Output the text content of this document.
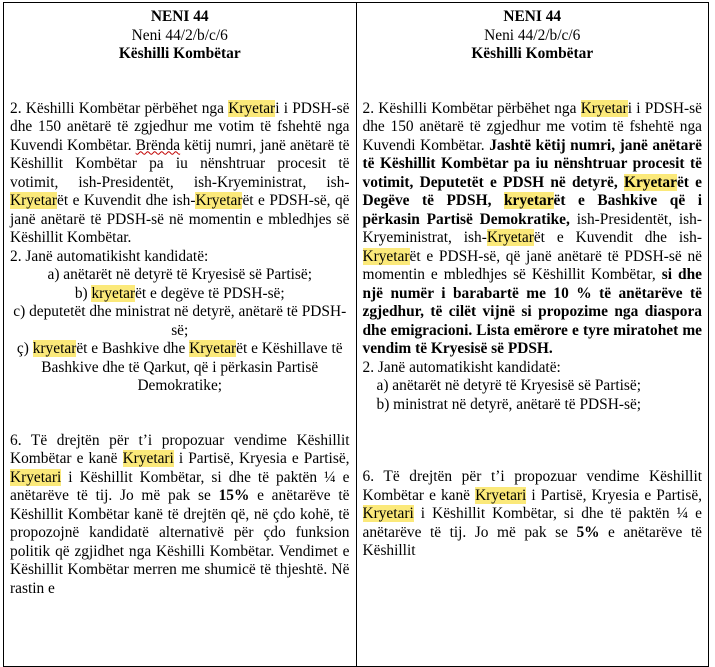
NENI 44

Neni 44/2/b/c/6

Këshilli Kombëtar

2. Këshilli Kombëtar përbëhet nga Kryetari i PDSH-së dhe 150 anëtarë të zgjedhur me votim të fshehtë nga Kuvendi Kombëtar. Brënda këtij numri, janë anëtarë të Këshillit Kombëtar pa iu nënshtruar procesit të votimit, ish-Presidentët, ish-Kryeministrat, ish-Kryetarët e Kuvendit dhe ish-Kryetarët e PDSH-së, që janë anëtarë të PDSH-së në momentin e mbledhjes së Këshillit Kombëtar.

2. Janë automatikisht kandidatë:

a) anëtarët në detyrë të Kryesisë së Partisë;

b) kryetarët e degëve të PDSH-së;

c) deputetët dhe ministrat në detyrë, anëtarë të PDSH-së;

ç) kryetarët e Bashkive dhe Kryetarët e Këshillave të Bashkive dhe të Qarkut, që i përkasin Partisë Demokratike;

6. Të drejtën për t’i propozuar vendime Këshillit Kombëtar e kanë Kryetari i Partisë, Kryesia e Partisë, Kryetari i Këshillit Kombëtar, si dhe të paktën ¼ e anëtarëve të tij. Jo më pak se 15% e anëtarëve të Këshillit Kombëtar kanë të drejtën që, në çdo kohë, të propozojnë kandidatë alternativë për çdo funksion politik që zgjidhet nga Këshilli Kombëtar. Vendimet e Këshillit Kombëtar merren me shumicë të thjeshtë. Në rastin e

NENI 44

Neni 44/2/b/c/6

Këshilli Kombëtar

2. Këshilli Kombëtar përbëhet nga Kryetari i PDSH-së dhe 150 anëtarë të zgjedhur me votim të fshehtë nga Kuvendi Kombëtar. Jashtë këtij numri, janë anëtarë të Këshillit Kombëtar pa iu nënshtruar procesit të votimit, Deputetët e PDSH në detyrë, Kryetarët e Degëve të PDSH, kryetarët e Bashkive që i përkasin Partisë Demokratike, ish-Presidentët, ish-Kryeministrat, ish-Kryetarët e Kuvendit dhe ish-Kryetarët e PDSH-së, që janë anëtarë të PDSH-së në momentin e mbledhjes së Këshillit Kombëtar, si dhe një numër i barabartë me 10 % të anëtarëve të zgjedhur, të cilët vijnë si propozime nga diaspora dhe emigracioni. Lista emërore e tyre miratohet me vendim të Kryesisë së PDSH.

2. Janë automatikisht kandidatë:

a) anëtarët në detyrë të Kryesisë së Partisë;

b) ministrat në detyrë, anëtarë të PDSH-së;

6. Të drejtën për t’i propozuar vendime Këshillit Kombëtar e kanë Kryetari i Partisë, Kryesia e Partisë, Kryetari i Këshillit Kombëtar, si dhe të paktën ¼ e anëtarëve të tij. Jo më pak se 5% e anëtarëve të Këshillit
